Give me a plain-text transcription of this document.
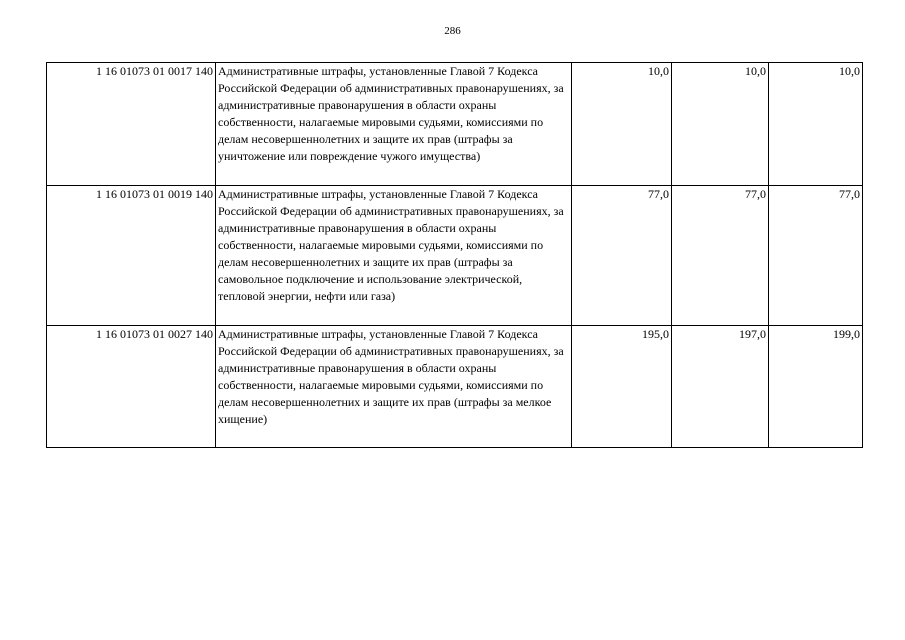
286
1 16 01073 01 0017 140	Административные штрафы, установленные Главой 7 Кодекса Российской Федерации об административных правонарушениях, за административные правонарушения в области охраны собственности, налагаемые мировыми судьями, комиссиями по делам несовершеннолетних и защите их прав (штрафы за уничтожение или повреждение чужого имущества)	10,0	10,0	10,0
1 16 01073 01 0019 140	Административные штрафы, установленные Главой 7 Кодекса Российской Федерации об административных правонарушениях, за административные правонарушения в области охраны собственности, налагаемые мировыми судьями, комиссиями по делам несовершеннолетних и защите их прав (штрафы за самовольное подключение и использование электрической, тепловой энергии, нефти или газа)	77,0	77,0	77,0
1 16 01073 01 0027 140	Административные штрафы, установленные Главой 7 Кодекса Российской Федерации об административных правонарушениях, за административные правонарушения в области охраны собственности, налагаемые мировыми судьями, комиссиями по делам несовершеннолетних и защите их прав (штрафы за мелкое хищение)	195,0	197,0	199,0
